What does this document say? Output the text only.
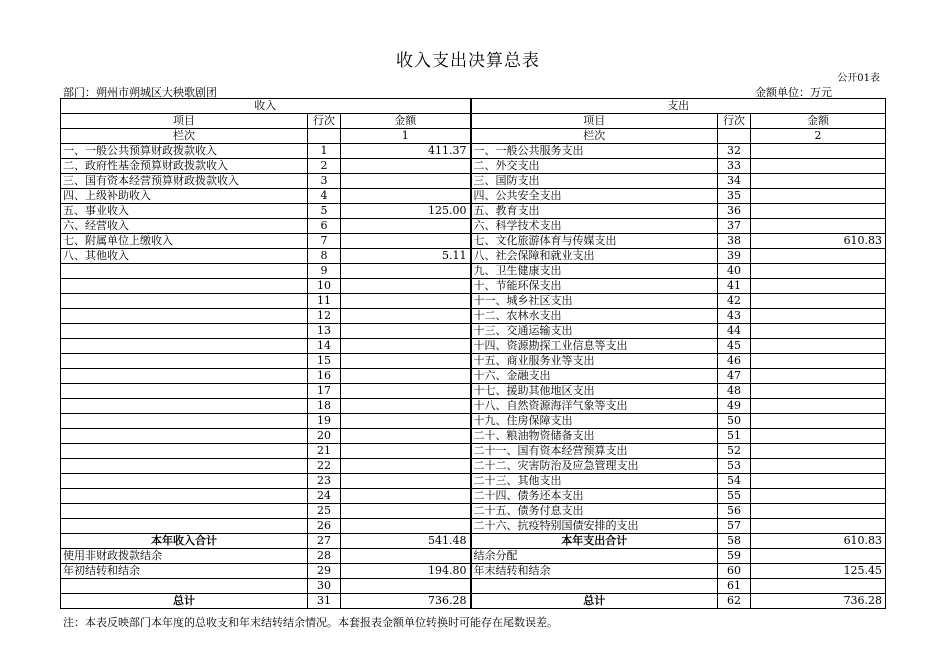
收入支出决算总表
公开01表
部门：朔州市朔城区大秧歌剧团	金额单位：万元
收入			支出		
项目	行次	金额	项目	行次	金额
栏次		1	栏次		2
一、一般公共预算财政拨款收入	1	411.37	一、一般公共服务支出	32	
二、政府性基金预算财政拨款收入	2		二、外交支出	33	
三、国有资本经营预算财政拨款收入	3		三、国防支出	34	
四、上级补助收入	4		四、公共安全支出	35	
五、事业收入	5	125.00	五、教育支出	36	
六、经营收入	6		六、科学技术支出	37	
七、附属单位上缴收入	7		七、文化旅游体育与传媒支出	38	610.83
八、其他收入	8	5.11	八、社会保障和就业支出	39	
	9		九、卫生健康支出	40	
	10		十、节能环保支出	41	
	11		十一、城乡社区支出	42	
	12		十二、农林水支出	43	
	13		十三、交通运输支出	44	
	14		十四、资源勘探工业信息等支出	45	
	15		十五、商业服务业等支出	46	
	16		十六、金融支出	47	
	17		十七、援助其他地区支出	48	
	18		十八、自然资源海洋气象等支出	49	
	19		十九、住房保障支出	50	
	20		二十、粮油物资储备支出	51	
	21		二十一、国有资本经营预算支出	52	
	22		二十二、灾害防治及应急管理支出	53	
	23		二十三、其他支出	54	
	24		二十四、债务还本支出	55	
	25		二十五、债务付息支出	56	
	26		二十六、抗疫特别国债安排的支出	57	
本年收入合计	27	541.48	本年支出合计	58	610.83
使用非财政拨款结余	28		结余分配	59	
年初结转和结余	29	194.80	年末结转和结余	60	125.45
	30			61	
总计	31	736.28	总计	62	736.28
注：本表反映部门本年度的总收支和年末结转结余情况。本套报表金额单位转换时可能存在尾数误差。
